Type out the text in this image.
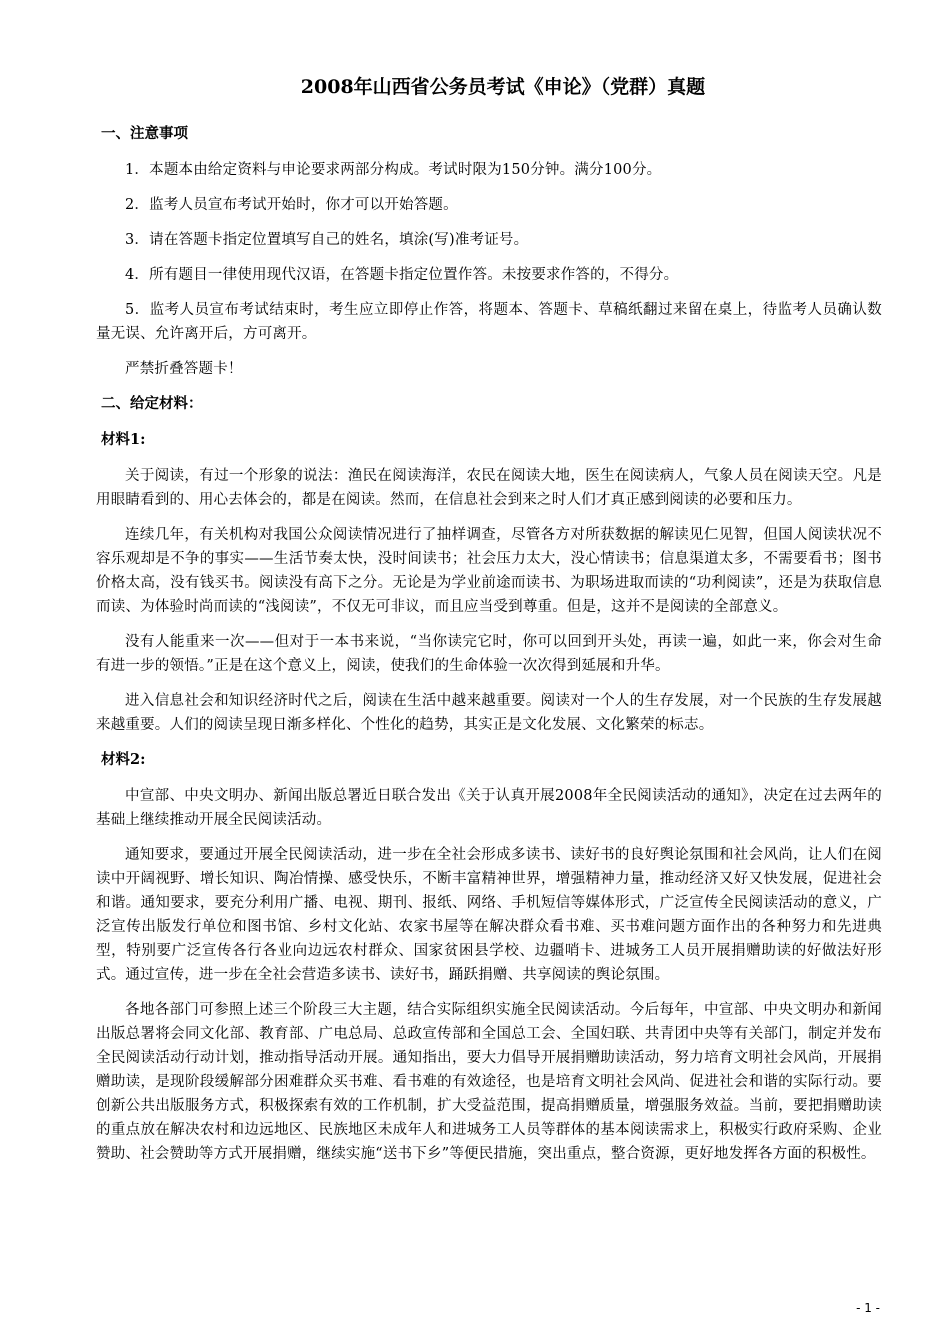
2008年山西省公务员考试《申论》（党群）真题
一、注意事项
1．本题本由给定资料与申论要求两部分构成。考试时限为150分钟。满分100分。
2．监考人员宣布考试开始时，你才可以开始答题。
3．请在答题卡指定位置填写自己的姓名，填涂(写)准考证号。
4．所有题目一律使用现代汉语，在答题卡指定位置作答。未按要求作答的，不得分。
5．监考人员宣布考试结束时，考生应立即停止作答，将题本、答题卡、草稿纸翻过来留在桌上，待监考人员确认数量无误、允许离开后，方可离开。
严禁折叠答题卡！
二、给定材料：
材料1:
关于阅读，有过一个形象的说法：渔民在阅读海洋，农民在阅读大地，医生在阅读病人，气象人员在阅读天空。凡是用眼睛看到的、用心去体会的，都是在阅读。然而，在信息社会到来之时人们才真正感到阅读的必要和压力。
连续几年，有关机构对我国公众阅读情况进行了抽样调查，尽管各方对所获数据的解读见仁见智，但国人阅读状况不容乐观却是不争的事实——生活节奏太快，没时间读书；社会压力太大，没心情读书；信息渠道太多，不需要看书；图书价格太高，没有钱买书。阅读没有高下之分。无论是为学业前途而读书、为职场进取而读的“功利阅读”，还是为获取信息而读、为体验时尚而读的“浅阅读”，不仅无可非议，而且应当受到尊重。但是，这并不是阅读的全部意义。
没有人能重来一次——但对于一本书来说，“当你读完它时，你可以回到开头处，再读一遍，如此一来，你会对生命有进一步的领悟。”正是在这个意义上，阅读，使我们的生命体验一次次得到延展和升华。
进入信息社会和知识经济时代之后，阅读在生活中越来越重要。阅读对一个人的生存发展，对一个民族的生存发展越来越重要。人们的阅读呈现日渐多样化、个性化的趋势，其实正是文化发展、文化繁荣的标志。
材料2:
中宣部、中央文明办、新闻出版总署近日联合发出《关于认真开展2008年全民阅读活动的通知》，决定在过去两年的基础上继续推动开展全民阅读活动。
通知要求，要通过开展全民阅读活动，进一步在全社会形成多读书、读好书的良好舆论氛围和社会风尚，让人们在阅读中开阔视野、增长知识、陶冶情操、感受快乐，不断丰富精神世界，增强精神力量，推动经济又好又快发展，促进社会和谐。通知要求，要充分利用广播、电视、期刊、报纸、网络、手机短信等媒体形式，广泛宣传全民阅读活动的意义，广泛宣传出版发行单位和图书馆、乡村文化站、农家书屋等在解决群众看书难、买书难问题方面作出的各种努力和先进典型，特别要广泛宣传各行各业向边远农村群众、国家贫困县学校、边疆哨卡、进城务工人员开展捐赠助读的好做法好形式。通过宣传，进一步在全社会营造多读书、读好书，踊跃捐赠、共享阅读的舆论氛围。
各地各部门可参照上述三个阶段三大主题，结合实际组织实施全民阅读活动。今后每年，中宣部、中央文明办和新闻出版总署将会同文化部、教育部、广电总局、总政宣传部和全国总工会、全国妇联、共青团中央等有关部门，制定并发布全民阅读活动行动计划，推动指导活动开展。通知指出，要大力倡导开展捐赠助读活动，努力培育文明社会风尚，开展捐赠助读，是现阶段缓解部分困难群众买书难、看书难的有效途径，也是培育文明社会风尚、促进社会和谐的实际行动。要创新公共出版服务方式，积极探索有效的工作机制，扩大受益范围，提高捐赠质量，增强服务效益。当前，要把捐赠助读的重点放在解决农村和边远地区、民族地区未成年人和进城务工人员等群体的基本阅读需求上，积极实行政府采购、企业赞助、社会赞助等方式开展捐赠，继续实施“送书下乡”等便民措施，突出重点，整合资源，更好地发挥各方面的积极性。
- 1 -
